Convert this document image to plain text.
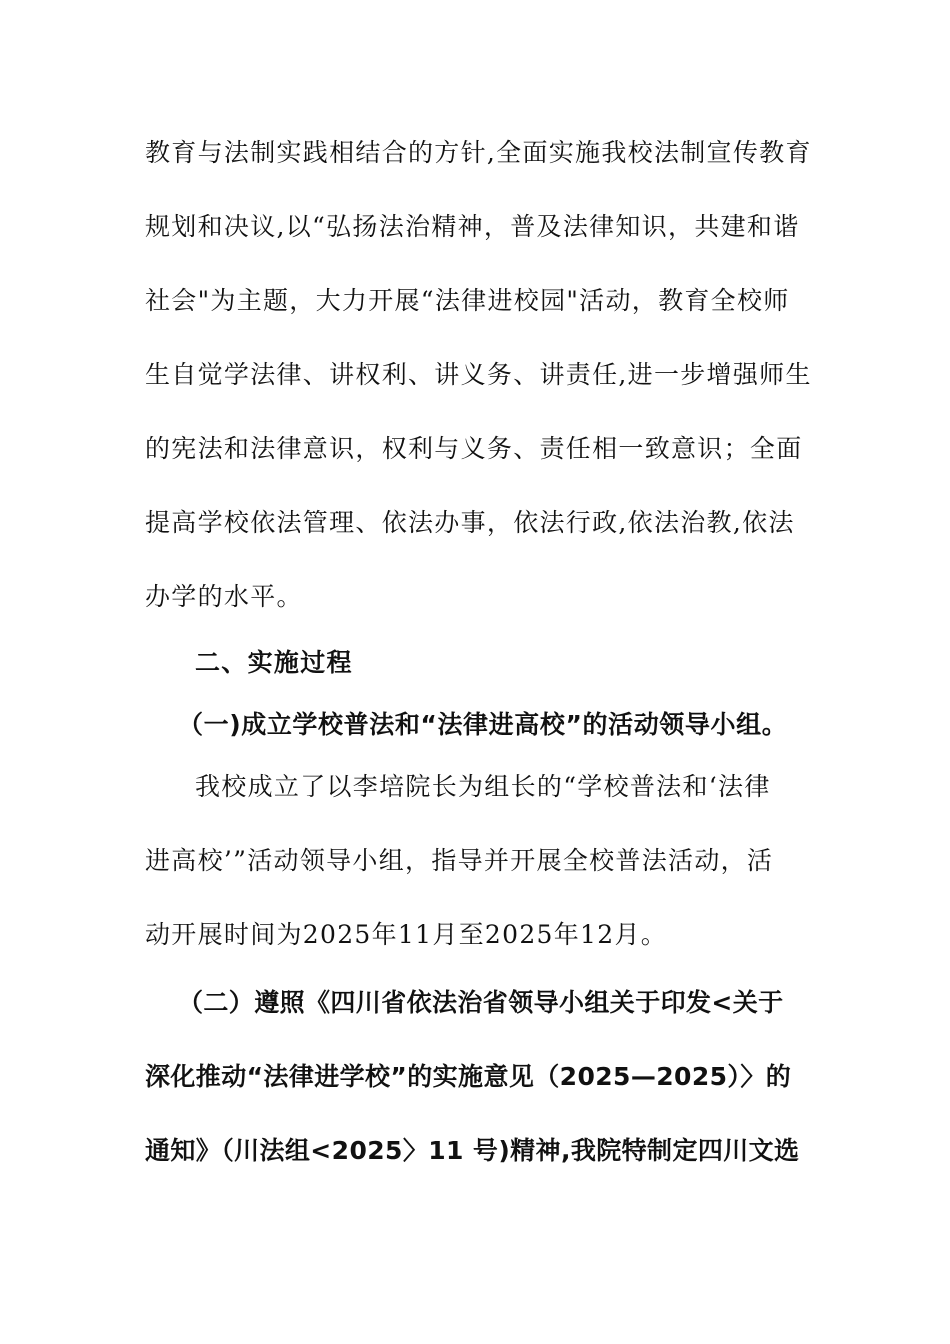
教育与法制实践相结合的方针,全面实施我校法制宣传教育
规划和决议,以“弘扬法治精神，普及法律知识，共建和谐
社会"为主题，大力开展“法律进校园"活动，教育全校师
生自觉学法律、讲权利、讲义务、讲责任,进一步增强师生
的宪法和法律意识，权利与义务、责任相一致意识；全面
提高学校依法管理、依法办事，依法行政,依法治教,依法
办学的水平。
二、实施过程
（一)成立学校普法和“法律进高校”的活动领导小组。
我校成立了以李培院长为组长的“学校普法和‘法律
进高校’”活动领导小组，指导并开展全校普法活动，活
动开展时间为2025年11月至2025年12月。
（二）遵照《四川省依法治省领导小组关于印发<关于
深化推动“法律进学校”的实施意见（2025—2025）〉的
通知》（川法组<2025〉11 号)精神,我院特制定四川文选
